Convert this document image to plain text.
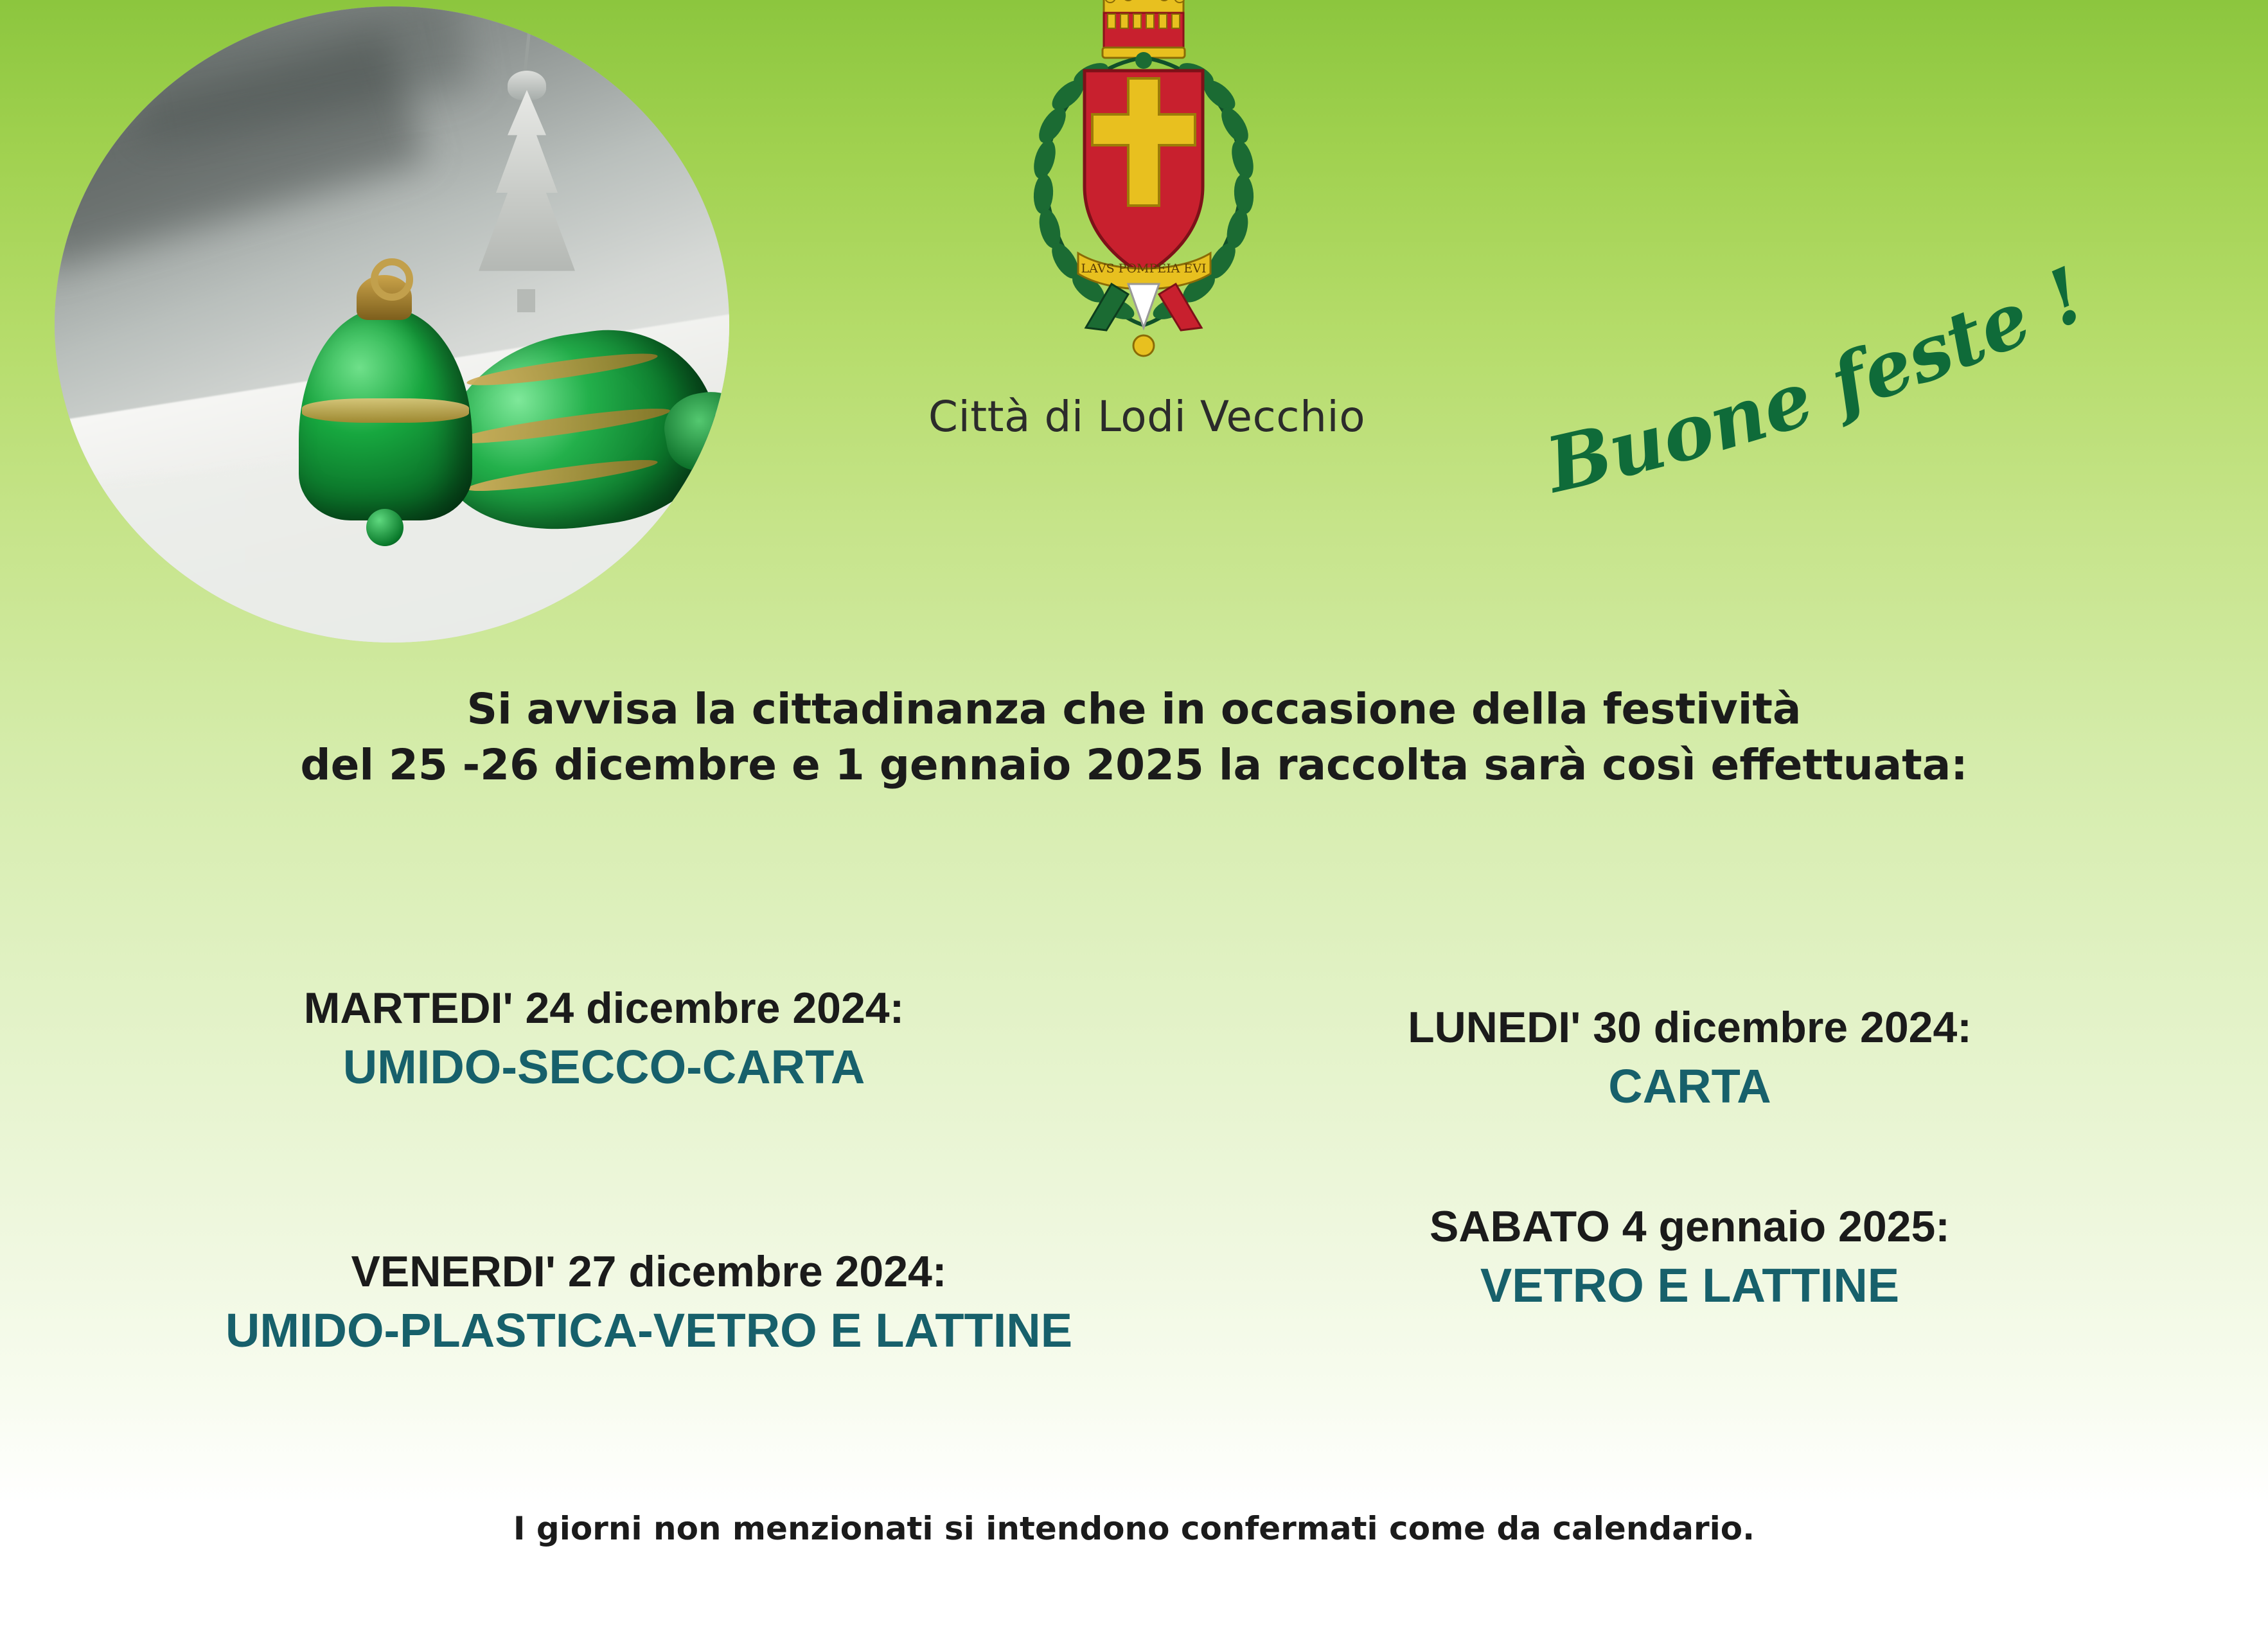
LAVS POMPEIA EVI
Città di Lodi Vecchio	Buone feste !
Si avvisa la cittadinanza che in occasione della festività
del 25 -26 dicembre e 1 gennaio 2025 la raccolta sarà così effettuata:
MARTEDI' 24 dicembre 2024:
UMIDO-SECCO-CARTA
LUNEDI' 30 dicembre 2024:
CARTA
VENERDI' 27 dicembre 2024:
UMIDO-PLASTICA-VETRO E LATTINE
SABATO 4 gennaio 2025:
VETRO E LATTINE
I giorni non menzionati si intendono confermati come da calendario.
